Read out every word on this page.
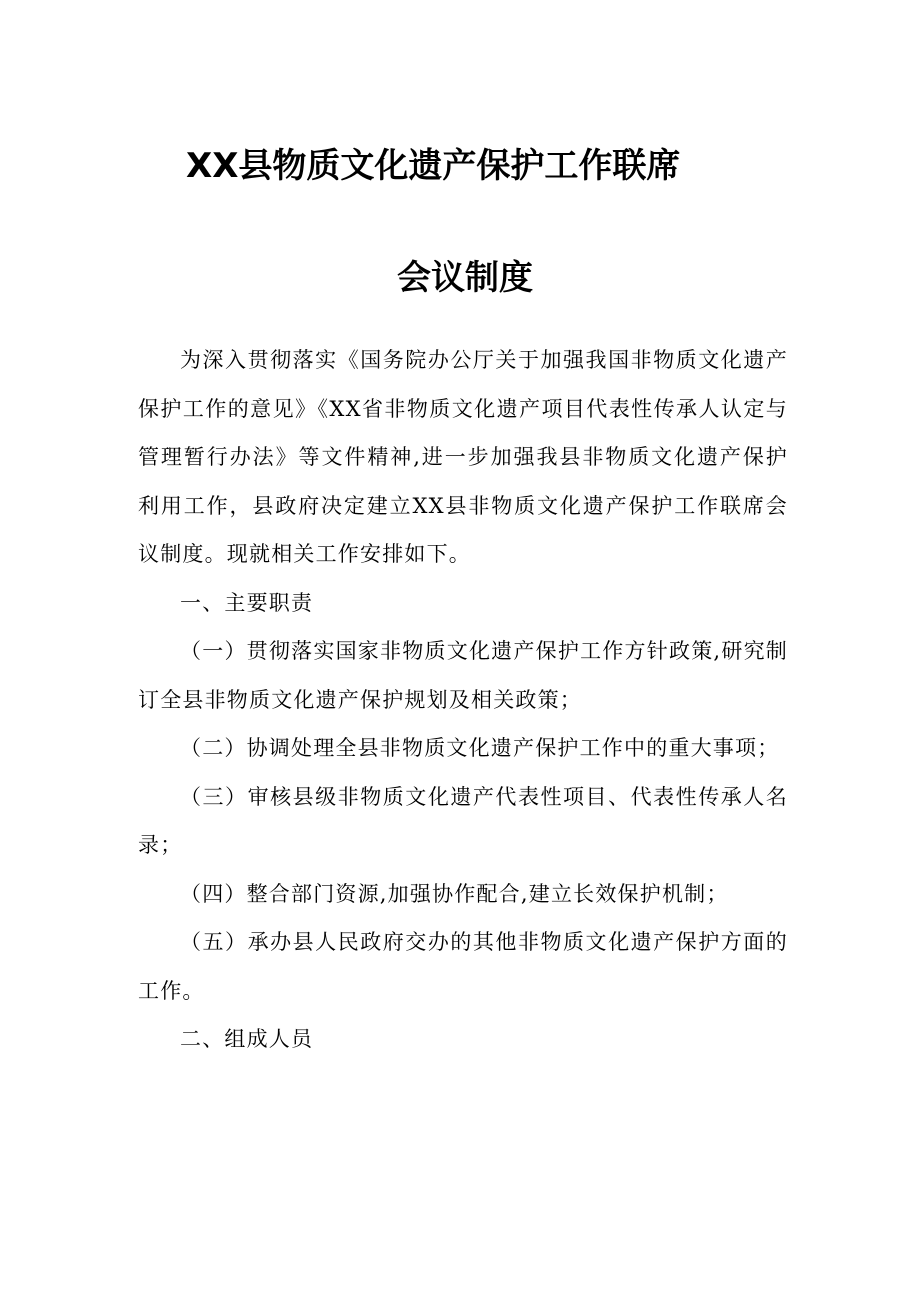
XX县物质文化遗产保护工作联席
会议制度

为深入贯彻落实《国务院办公厅关于加强我国非物质文化遗产保护工作的意见》《XX省非物质文化遗产项目代表性传承人认定与管理暂行办法》等文件精神,进一步加强我县非物质文化遗产保护利用工作，县政府决定建立XX县非物质文化遗产保护工作联席会议制度。现就相关工作安排如下。

一、主要职责

（一）贯彻落实国家非物质文化遗产保护工作方针政策,研究制订全县非物质文化遗产保护规划及相关政策；

（二）协调处理全县非物质文化遗产保护工作中的重大事项；

（三）审核县级非物质文化遗产代表性项目、代表性传承人名录；

（四）整合部门资源,加强协作配合,建立长效保护机制；

（五）承办县人民政府交办的其他非物质文化遗产保护方面的工作。

二、组成人员
